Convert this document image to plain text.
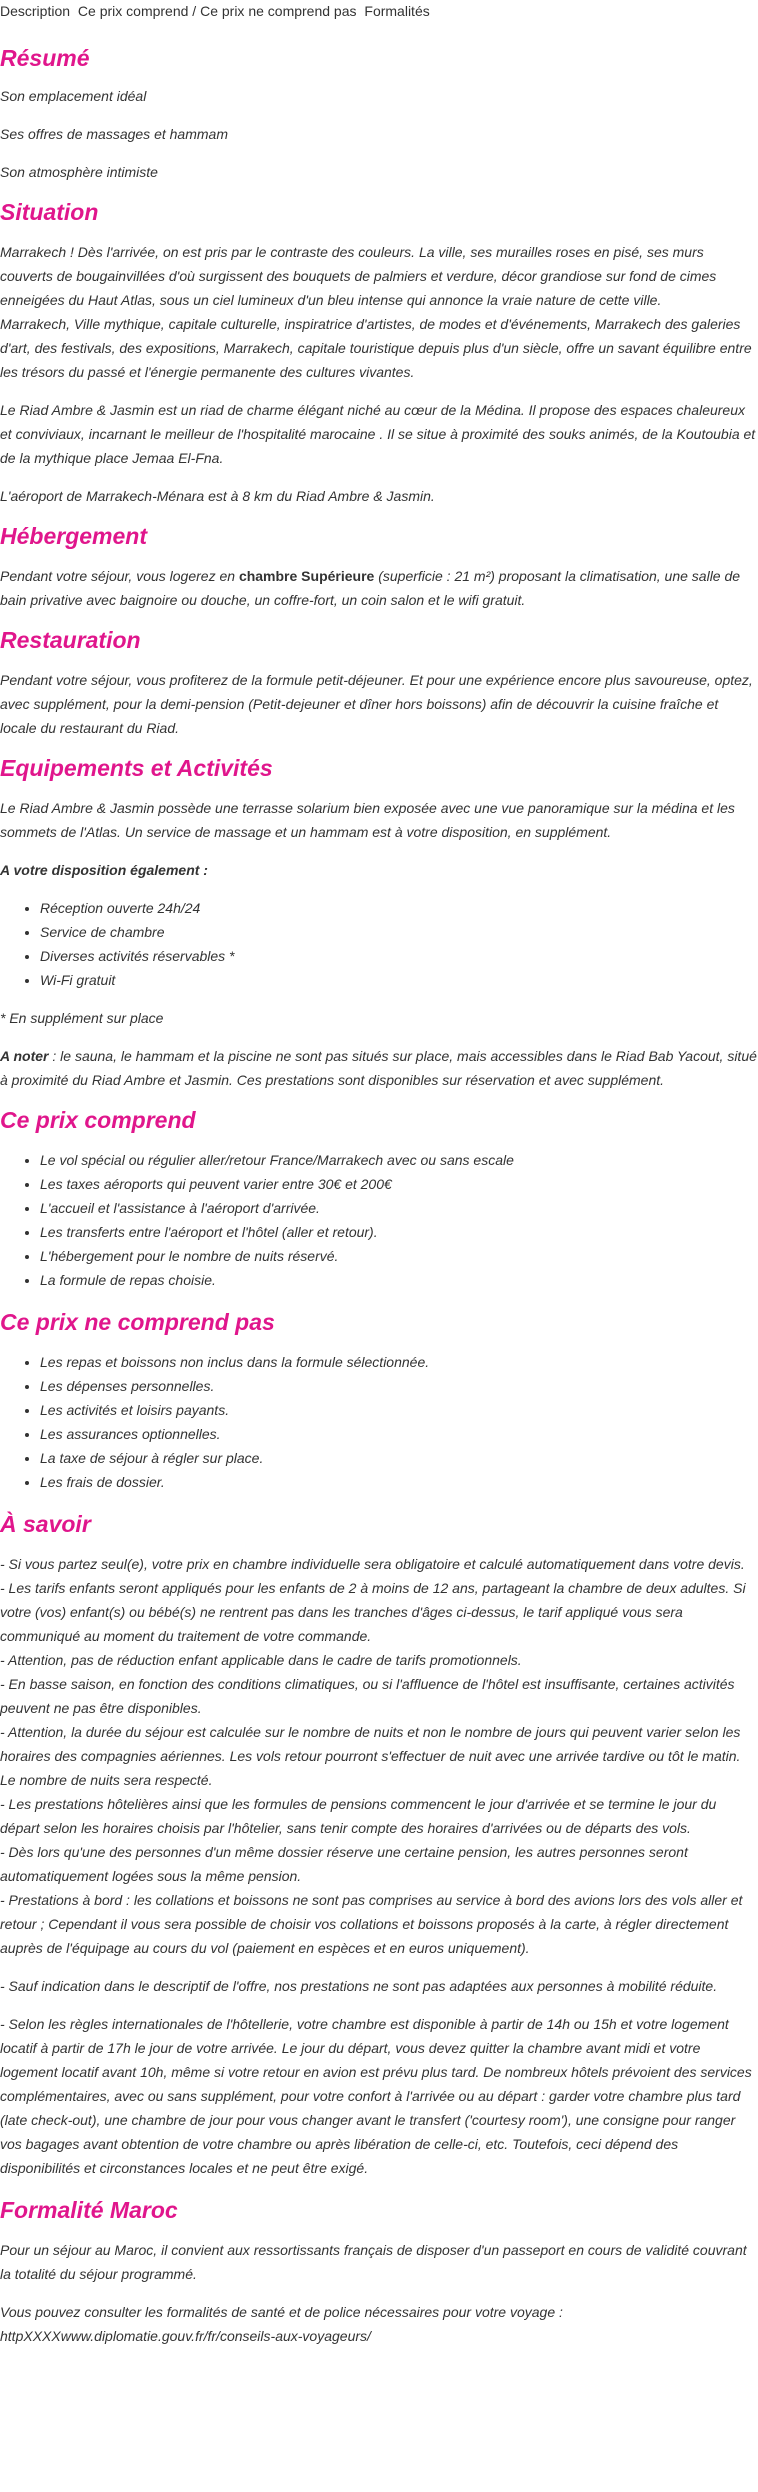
Description Ce prix comprend / Ce prix ne comprend pas Formalités
Résumé

Son emplacement idéal

Ses offres de massages et hammam

Son atmosphère intimiste

Situation

Marrakech ! Dès l'arrivée, on est pris par le contraste des couleurs. La ville, ses murailles roses en pisé, ses murs couverts de bougainvillées d'où surgissent des bouquets de palmiers et verdure, décor grandiose sur fond de cimes enneigées du Haut Atlas, sous un ciel lumineux d'un bleu intense qui annonce la vraie nature de cette ville.

Marrakech, Ville mythique, capitale culturelle, inspiratrice d'artistes, de modes et d'événements, Marrakech des galeries d'art, des festivals, des expositions, Marrakech, capitale touristique depuis plus d'un siècle, offre un savant équilibre entre les trésors du passé et l'énergie permanente des cultures vivantes.

Le Riad Ambre & Jasmin est un riad de charme élégant niché au cœur de la Médina. Il propose des espaces chaleureux et conviviaux, incarnant le meilleur de l'hospitalité marocaine . Il se situe à proximité des souks animés, de la Koutoubia et de la mythique place Jemaa El-Fna.

L'aéroport de Marrakech-Ménara est à 8 km du Riad Ambre & Jasmin.

Hébergement

Pendant votre séjour, vous logerez en chambre Supérieure (superficie : 21 m²) proposant la climatisation, une salle de bain privative avec baignoire ou douche, un coffre-fort, un coin salon et le wifi gratuit.

Restauration

Pendant votre séjour, vous profiterez de la formule petit-déjeuner. Et pour une expérience encore plus savoureuse, optez, avec supplément, pour la demi-pension (Petit-dejeuner et dîner hors boissons) afin de découvrir la cuisine fraîche et locale du restaurant du Riad.

Equipements et Activités

Le Riad Ambre & Jasmin possède une terrasse solarium bien exposée avec une vue panoramique sur la médina et les sommets de l'Atlas. Un service de massage et un hammam est à votre disposition, en supplément.

A votre disposition également :

• Réception ouverte 24h/24
• Service de chambre
• Diverses activités réservables *
• Wi-Fi gratuit

* En supplément sur place

A noter : le sauna, le hammam et la piscine ne sont pas situés sur place, mais accessibles dans le Riad Bab Yacout, situé à proximité du Riad Ambre et Jasmin. Ces prestations sont disponibles sur réservation et avec supplément.

Ce prix comprend
• Le vol spécial ou régulier aller/retour France/Marrakech avec ou sans escale
• Les taxes aéroports qui peuvent varier entre 30€ et 200€
• L'accueil et l'assistance à l'aéroport d'arrivée.
• Les transferts entre l'aéroport et l'hôtel (aller et retour).
• L'hébergement pour le nombre de nuits réservé.
• La formule de repas choisie.
Ce prix ne comprend pas
• Les repas et boissons non inclus dans la formule sélectionnée.
• Les dépenses personnelles.
• Les activités et loisirs payants.
• Les assurances optionnelles.
• La taxe de séjour à régler sur place.
• Les frais de dossier.
À savoir

- Si vous partez seul(e), votre prix en chambre individuelle sera obligatoire et calculé automatiquement dans votre devis.

- Les tarifs enfants seront appliqués pour les enfants de 2 à moins de 12 ans, partageant la chambre de deux adultes. Si votre (vos) enfant(s) ou bébé(s) ne rentrent pas dans les tranches d'âges ci-dessus, le tarif appliqué vous sera communiqué au moment du traitement de votre commande.

- Attention, pas de réduction enfant applicable dans le cadre de tarifs promotionnels.

- En basse saison, en fonction des conditions climatiques, ou si l'affluence de l'hôtel est insuffisante, certaines activités peuvent ne pas être disponibles.

- Attention, la durée du séjour est calculée sur le nombre de nuits et non le nombre de jours qui peuvent varier selon les horaires des compagnies aériennes. Les vols retour pourront s'effectuer de nuit avec une arrivée tardive ou tôt le matin. Le nombre de nuits sera respecté.

- Les prestations hôtelières ainsi que les formules de pensions commencent le jour d'arrivée et se termine le jour du départ selon les horaires choisis par l'hôtelier, sans tenir compte des horaires d'arrivées ou de départs des vols.

- Dès lors qu'une des personnes d'un même dossier réserve une certaine pension, les autres personnes seront automatiquement logées sous la même pension.

- Prestations à bord : les collations et boissons ne sont pas comprises au service à bord des avions lors des vols aller et retour ; Cependant il vous sera possible de choisir vos collations et boissons proposés à la carte, à régler directement auprès de l'équipage au cours du vol (paiement en espèces et en euros uniquement).

- Sauf indication dans le descriptif de l'offre, nos prestations ne sont pas adaptées aux personnes à mobilité réduite.

- Selon les règles internationales de l'hôtellerie, votre chambre est disponible à partir de 14h ou 15h et votre logement locatif à partir de 17h le jour de votre arrivée. Le jour du départ, vous devez quitter la chambre avant midi et votre logement locatif avant 10h, même si votre retour en avion est prévu plus tard. De nombreux hôtels prévoient des services complémentaires, avec ou sans supplément, pour votre confort à l'arrivée ou au départ : garder votre chambre plus tard (late check-out), une chambre de jour pour vous changer avant le transfert ('courtesy room'), une consigne pour ranger vos bagages avant obtention de votre chambre ou après libération de celle-ci, etc. Toutefois, ceci dépend des disponibilités et circonstances locales et ne peut être exigé.

Formalité Maroc

Pour un séjour au Maroc, il convient aux ressortissants français de disposer d'un passeport en cours de validité couvrant la totalité du séjour programmé.

Vous pouvez consulter les formalités de santé et de police nécessaires pour votre voyage :

httpXXXXwww.diplomatie.gouv.fr/fr/conseils-aux-voyageurs/
